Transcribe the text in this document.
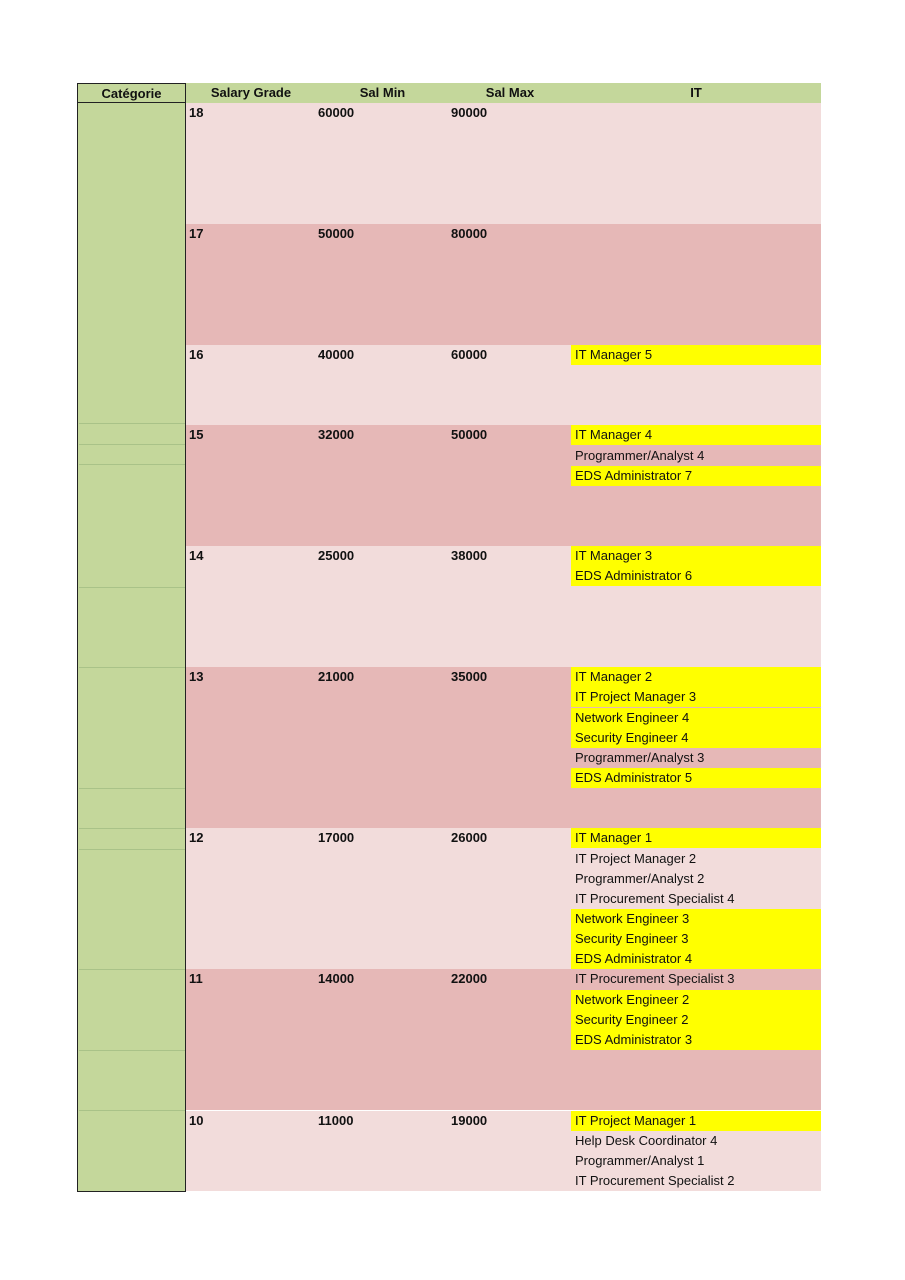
Catégorie	Salary Grade	Sal Min	Sal Max	IT
18	60000	90000
17	50000	80000
16	40000	60000	IT Manager 5
15	32000	50000	IT Manager 4
Programmer/Analyst 4
EDS Administrator 7
14	25000	38000	IT Manager 3
EDS Administrator 6
13	21000	35000	IT Manager 2
IT Project Manager 3
Network Engineer 4
Security Engineer 4
Programmer/Analyst 3
EDS Administrator 5
12	17000	26000	IT Manager 1
IT Project Manager 2
Programmer/Analyst 2
IT Procurement Specialist 4
Network Engineer 3
Security Engineer 3
EDS Administrator 4
11	14000	22000	IT Procurement Specialist 3
Network Engineer 2
Security Engineer 2
EDS Administrator 3
10	11000	19000	IT Project Manager 1
Help Desk Coordinator 4
Programmer/Analyst 1
IT Procurement Specialist 2
